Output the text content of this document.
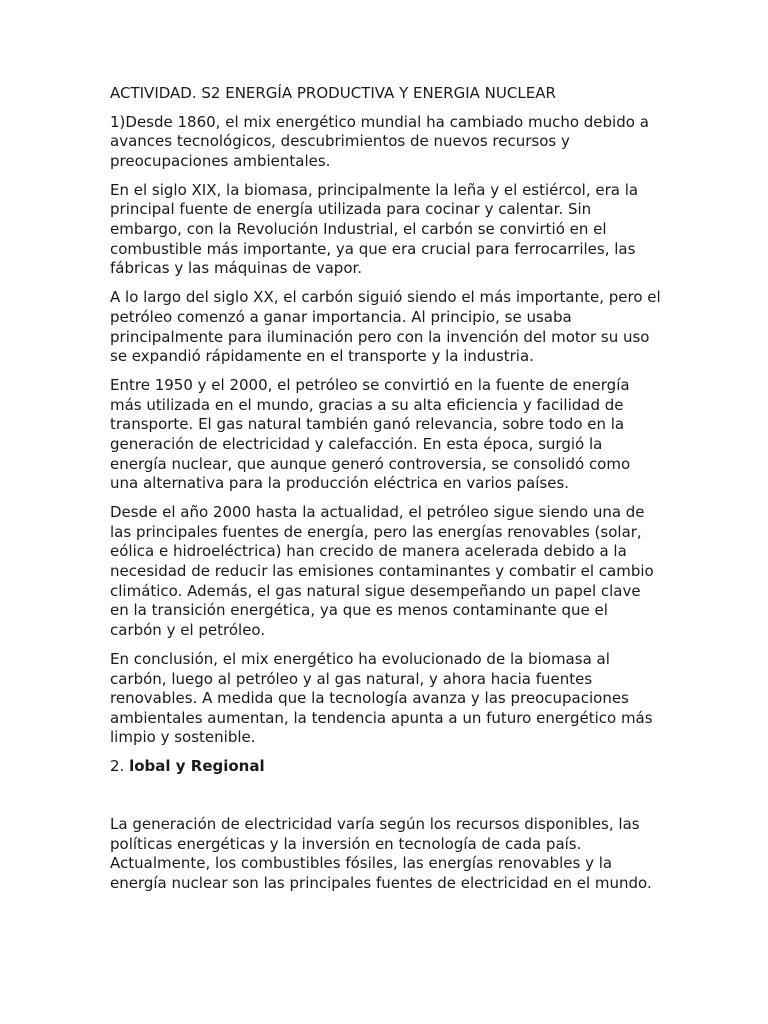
ACTIVIDAD. S2 ENERGÍA PRODUCTIVA Y ENERGIA NUCLEAR

1)Desde 1860, el mix energético mundial ha cambiado mucho debido a avances tecnológicos, descubrimientos de nuevos recursos y preocupaciones ambientales.

En el siglo XIX, la biomasa, principalmente la leña y el estiércol, era la principal fuente de energía utilizada para cocinar y calentar. Sin embargo, con la Revolución Industrial, el carbón se convirtió en el combustible más importante, ya que era crucial para ferrocarriles, las fábricas y las máquinas de vapor.

A lo largo del siglo XX, el carbón siguió siendo el más importante, pero el petróleo comenzó a ganar importancia. Al principio, se usaba principalmente para iluminación pero con la invención del motor su uso se expandió rápidamente en el transporte y la industria.

Entre 1950 y el 2000, el petróleo se convirtió en la fuente de energía más utilizada en el mundo, gracias a su alta eficiencia y facilidad de transporte. El gas natural también ganó relevancia, sobre todo en la generación de electricidad y calefacción. En esta época, surgió la energía nuclear, que aunque generó controversia, se consolidó como una alternativa para la producción eléctrica en varios países.

Desde el año 2000 hasta la actualidad, el petróleo sigue siendo una de las principales fuentes de energía, pero las energías renovables (solar, eólica e hidroeléctrica) han crecido de manera acelerada debido a la necesidad de reducir las emisiones contaminantes y combatir el cambio climático. Además, el gas natural sigue desempeñando un papel clave en la transición energética, ya que es menos contaminante que el carbón y el petróleo.

En conclusión, el mix energético ha evolucionado de la biomasa al carbón, luego al petróleo y al gas natural, y ahora hacia fuentes renovables. A medida que la tecnología avanza y las preocupaciones ambientales aumentan, la tendencia apunta a un futuro energético más limpio y sostenible.

2. lobal y Regional

La generación de electricidad varía según los recursos disponibles, las políticas energéticas y la inversión en tecnología de cada país. Actualmente, los combustibles fósiles, las energías renovables y la energía nuclear son las principales fuentes de electricidad en el mundo.
